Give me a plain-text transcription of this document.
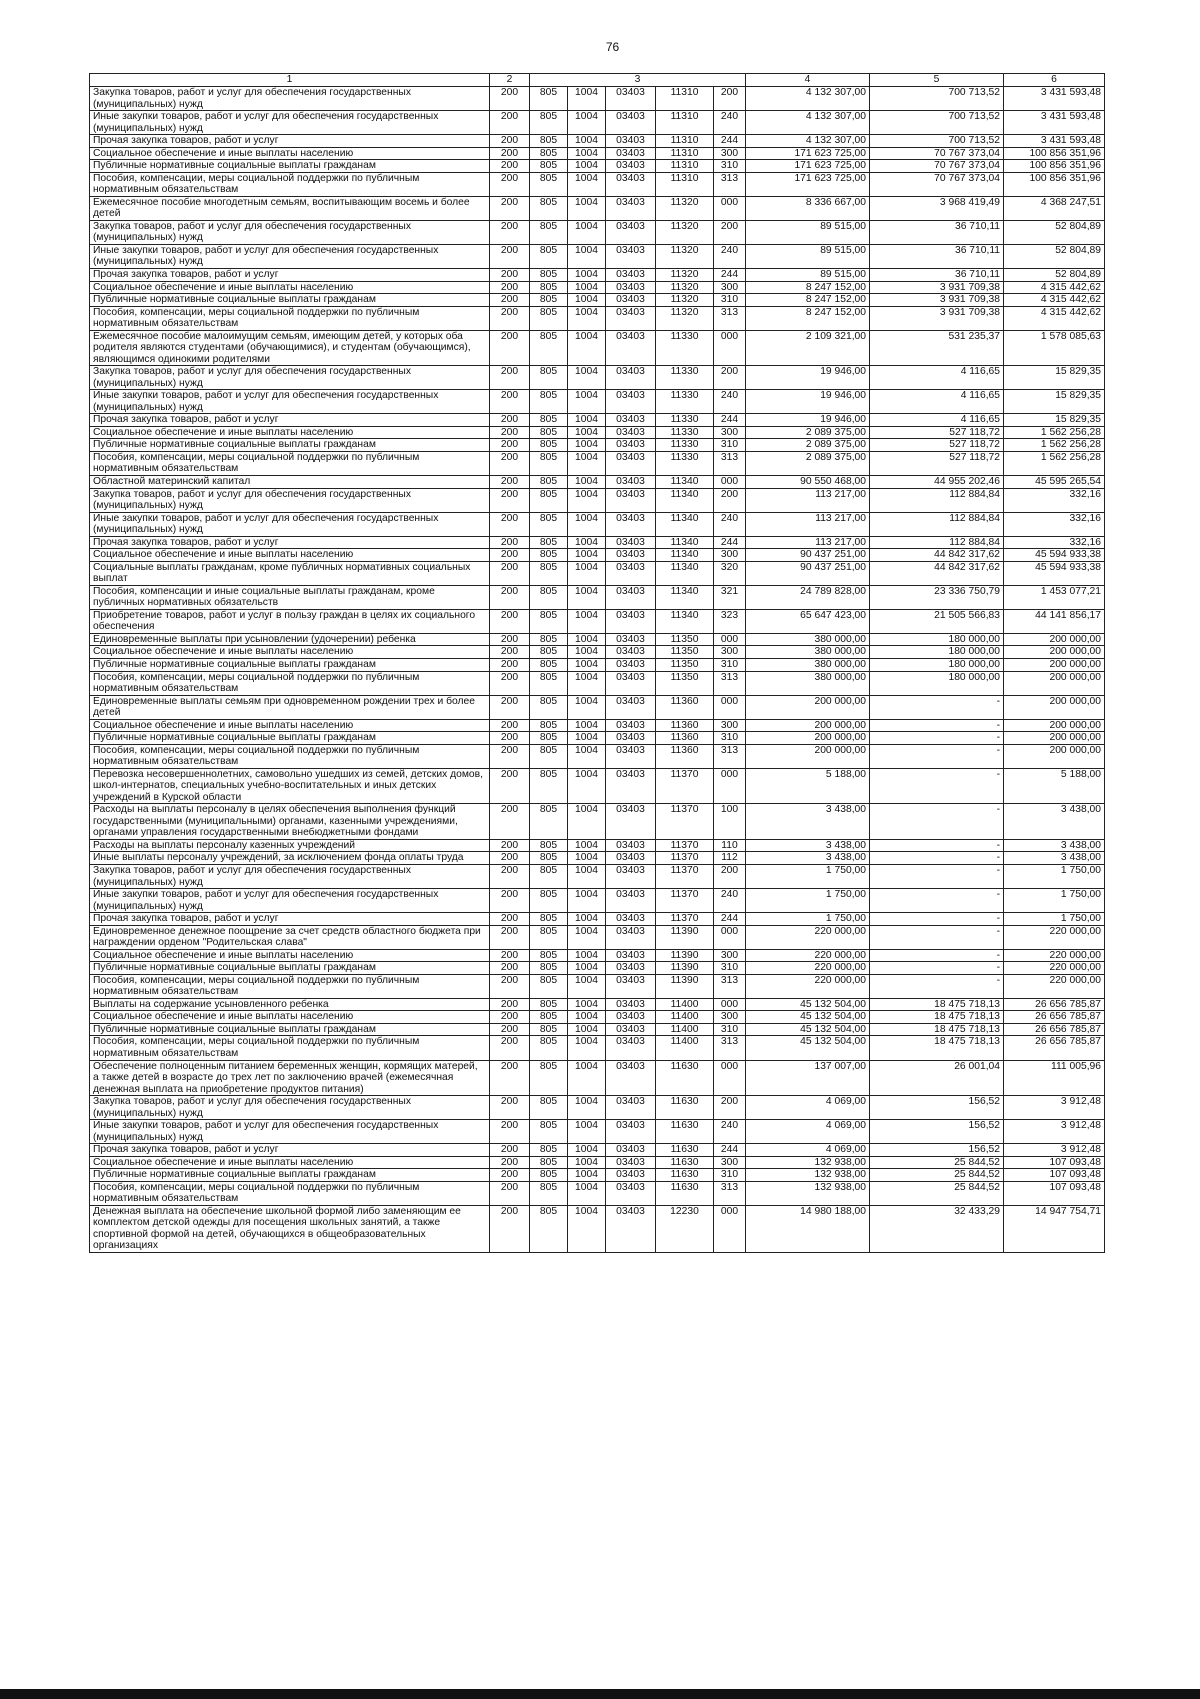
76
1	2	3					4	5	6
Закупка товаров, работ и услуг для обеспечения государственных (муниципальных) нужд	200	805	1004	03403	11310	200	4 132 307,00	700 713,52	3 431 593,48
Иные закупки товаров, работ и услуг для обеспечения государственных (муниципальных) нужд	200	805	1004	03403	11310	240	4 132 307,00	700 713,52	3 431 593,48
Прочая закупка товаров, работ и услуг	200	805	1004	03403	11310	244	4 132 307,00	700 713,52	3 431 593,48
Социальное обеспечение и иные выплаты населению	200	805	1004	03403	11310	300	171 623 725,00	70 767 373,04	100 856 351,96
Публичные нормативные социальные выплаты гражданам	200	805	1004	03403	11310	310	171 623 725,00	70 767 373,04	100 856 351,96
Пособия, компенсации, меры социальной поддержки по публичным нормативным обязательствам	200	805	1004	03403	11310	313	171 623 725,00	70 767 373,04	100 856 351,96
Ежемесячное пособие многодетным семьям, воспитывающим восемь и более детей	200	805	1004	03403	11320	000	8 336 667,00	3 968 419,49	4 368 247,51
Закупка товаров, работ и услуг для обеспечения государственных (муниципальных) нужд	200	805	1004	03403	11320	200	89 515,00	36 710,11	52 804,89
Иные закупки товаров, работ и услуг для обеспечения государственных (муниципальных) нужд	200	805	1004	03403	11320	240	89 515,00	36 710,11	52 804,89
Прочая закупка товаров, работ и услуг	200	805	1004	03403	11320	244	89 515,00	36 710,11	52 804,89
Социальное обеспечение и иные выплаты населению	200	805	1004	03403	11320	300	8 247 152,00	3 931 709,38	4 315 442,62
Публичные нормативные социальные выплаты гражданам	200	805	1004	03403	11320	310	8 247 152,00	3 931 709,38	4 315 442,62
Пособия, компенсации, меры социальной поддержки по публичным нормативным обязательствам	200	805	1004	03403	11320	313	8 247 152,00	3 931 709,38	4 315 442,62
Ежемесячное пособие малоимущим семьям, имеющим детей, у которых оба родителя являются студентами (обучающимися), и студентам (обучающимся), являющимся одинокими родителями	200	805	1004	03403	11330	000	2 109 321,00	531 235,37	1 578 085,63
Закупка товаров, работ и услуг для обеспечения государственных (муниципальных) нужд	200	805	1004	03403	11330	200	19 946,00	4 116,65	15 829,35
Иные закупки товаров, работ и услуг для обеспечения государственных (муниципальных) нужд	200	805	1004	03403	11330	240	19 946,00	4 116,65	15 829,35
Прочая закупка товаров, работ и услуг	200	805	1004	03403	11330	244	19 946,00	4 116,65	15 829,35
Социальное обеспечение и иные выплаты населению	200	805	1004	03403	11330	300	2 089 375,00	527 118,72	1 562 256,28
Публичные нормативные социальные выплаты гражданам	200	805	1004	03403	11330	310	2 089 375,00	527 118,72	1 562 256,28
Пособия, компенсации, меры социальной поддержки по публичным нормативным обязательствам	200	805	1004	03403	11330	313	2 089 375,00	527 118,72	1 562 256,28
Областной материнский капитал	200	805	1004	03403	11340	000	90 550 468,00	44 955 202,46	45 595 265,54
Закупка товаров, работ и услуг для обеспечения государственных (муниципальных) нужд	200	805	1004	03403	11340	200	113 217,00	112 884,84	332,16
Иные закупки товаров, работ и услуг для обеспечения государственных (муниципальных) нужд	200	805	1004	03403	11340	240	113 217,00	112 884,84	332,16
Прочая закупка товаров, работ и услуг	200	805	1004	03403	11340	244	113 217,00	112 884,84	332,16
Социальное обеспечение и иные выплаты населению	200	805	1004	03403	11340	300	90 437 251,00	44 842 317,62	45 594 933,38
Социальные выплаты гражданам, кроме публичных нормативных социальных выплат	200	805	1004	03403	11340	320	90 437 251,00	44 842 317,62	45 594 933,38
Пособия, компенсации и иные социальные выплаты гражданам, кроме публичных нормативных обязательств	200	805	1004	03403	11340	321	24 789 828,00	23 336 750,79	1 453 077,21
Приобретение товаров, работ и услуг в пользу граждан в целях их социального обеспечения	200	805	1004	03403	11340	323	65 647 423,00	21 505 566,83	44 141 856,17
Единовременные выплаты при усыновлении (удочерении) ребенка	200	805	1004	03403	11350	000	380 000,00	180 000,00	200 000,00
Социальное обеспечение и иные выплаты населению	200	805	1004	03403	11350	300	380 000,00	180 000,00	200 000,00
Публичные нормативные социальные выплаты гражданам	200	805	1004	03403	11350	310	380 000,00	180 000,00	200 000,00
Пособия, компенсации, меры социальной поддержки по публичным нормативным обязательствам	200	805	1004	03403	11350	313	380 000,00	180 000,00	200 000,00
Единовременные выплаты семьям при одновременном рождении трех и более детей	200	805	1004	03403	11360	000	200 000,00	-	200 000,00
Социальное обеспечение и иные выплаты населению	200	805	1004	03403	11360	300	200 000,00	-	200 000,00
Публичные нормативные социальные выплаты гражданам	200	805	1004	03403	11360	310	200 000,00	-	200 000,00
Пособия, компенсации, меры социальной поддержки по публичным нормативным обязательствам	200	805	1004	03403	11360	313	200 000,00	-	200 000,00
Перевозка несовершеннолетних, самовольно ушедших из семей, детских домов, школ-интернатов, специальных учебно-воспитательных и иных детских учреждений в Курской области	200	805	1004	03403	11370	000	5 188,00	-	5 188,00
Расходы на выплаты персоналу в целях обеспечения выполнения функций государственными (муниципальными) органами, казенными учреждениями, органами управления государственными внебюджетными фондами	200	805	1004	03403	11370	100	3 438,00	-	3 438,00
Расходы на выплаты персоналу казенных учреждений	200	805	1004	03403	11370	110	3 438,00	-	3 438,00
Иные выплаты персоналу учреждений, за исключением фонда оплаты труда	200	805	1004	03403	11370	112	3 438,00	-	3 438,00
Закупка товаров, работ и услуг для обеспечения государственных (муниципальных) нужд	200	805	1004	03403	11370	200	1 750,00	-	1 750,00
Иные закупки товаров, работ и услуг для обеспечения государственных (муниципальных) нужд	200	805	1004	03403	11370	240	1 750,00	-	1 750,00
Прочая закупка товаров, работ и услуг	200	805	1004	03403	11370	244	1 750,00	-	1 750,00
Единовременное денежное поощрение за счет средств областного бюджета при награждении орденом "Родительская слава"	200	805	1004	03403	11390	000	220 000,00	-	220 000,00
Социальное обеспечение и иные выплаты населению	200	805	1004	03403	11390	300	220 000,00	-	220 000,00
Публичные нормативные социальные выплаты гражданам	200	805	1004	03403	11390	310	220 000,00	-	220 000,00
Пособия, компенсации, меры социальной поддержки по публичным нормативным обязательствам	200	805	1004	03403	11390	313	220 000,00	-	220 000,00
Выплаты на содержание усыновленного ребенка	200	805	1004	03403	11400	000	45 132 504,00	18 475 718,13	26 656 785,87
Социальное обеспечение и иные выплаты населению	200	805	1004	03403	11400	300	45 132 504,00	18 475 718,13	26 656 785,87
Публичные нормативные социальные выплаты гражданам	200	805	1004	03403	11400	310	45 132 504,00	18 475 718,13	26 656 785,87
Пособия, компенсации, меры социальной поддержки по публичным нормативным обязательствам	200	805	1004	03403	11400	313	45 132 504,00	18 475 718,13	26 656 785,87
Обеспечение полноценным питанием беременных женщин, кормящих матерей, а также детей в возрасте до трех лет по заключению врачей (ежемесячная денежная выплата на приобретение продуктов питания)	200	805	1004	03403	11630	000	137 007,00	26 001,04	111 005,96
Закупка товаров, работ и услуг для обеспечения государственных (муниципальных) нужд	200	805	1004	03403	11630	200	4 069,00	156,52	3 912,48
Иные закупки товаров, работ и услуг для обеспечения государственных (муниципальных) нужд	200	805	1004	03403	11630	240	4 069,00	156,52	3 912,48
Прочая закупка товаров, работ и услуг	200	805	1004	03403	11630	244	4 069,00	156,52	3 912,48
Социальное обеспечение и иные выплаты населению	200	805	1004	03403	11630	300	132 938,00	25 844,52	107 093,48
Публичные нормативные социальные выплаты гражданам	200	805	1004	03403	11630	310	132 938,00	25 844,52	107 093,48
Пособия, компенсации, меры социальной поддержки по публичным нормативным обязательствам	200	805	1004	03403	11630	313	132 938,00	25 844,52	107 093,48
Денежная выплата на обеспечение школьной формой либо заменяющим ее комплектом детской одежды для посещения школьных занятий, а также спортивной формой на детей, обучающихся в общеобразовательных организациях	200	805	1004	03403	12230	000	14 980 188,00	32 433,29	14 947 754,71
